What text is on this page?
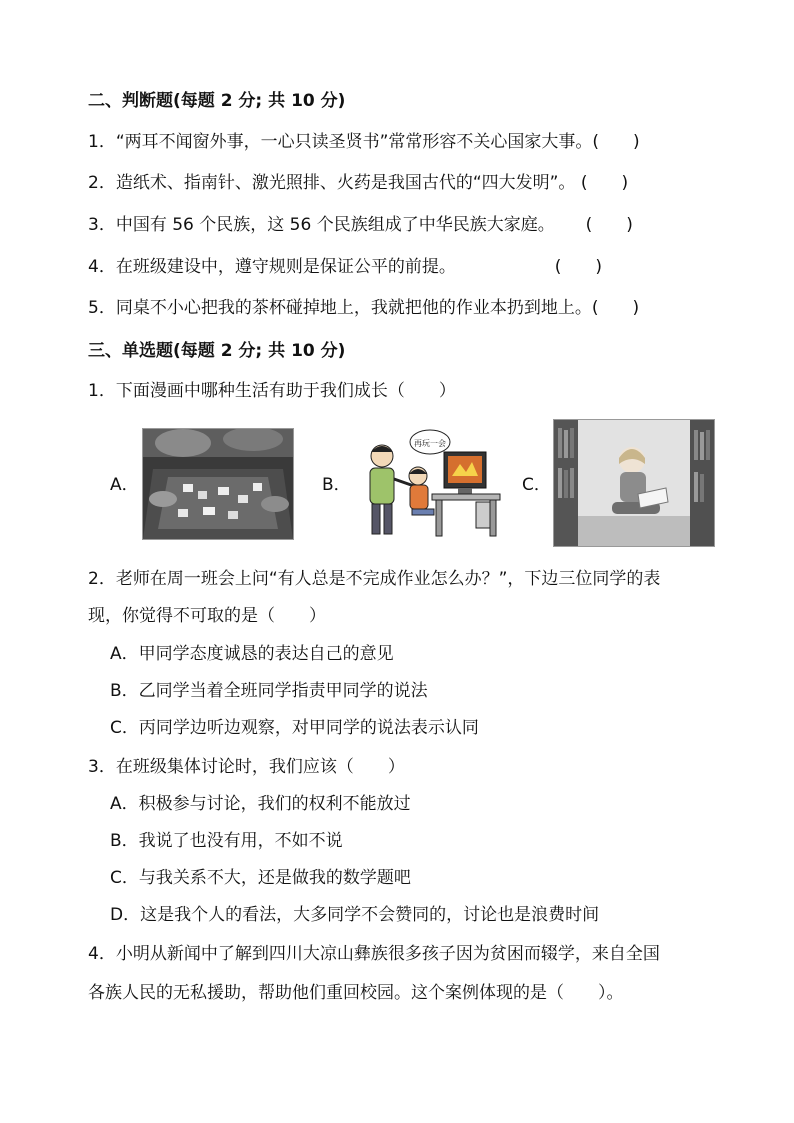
二、判断题(每题 2 分; 共 10 分)
1．“两耳不闻窗外事，一心只读圣贤书”常常形容不关心国家大事。(　　)
2．造纸术、指南针、激光照排、火药是我国古代的“四大发明”。 (　　)
3．中国有 56 个民族，这 56 个民族组成了中华民族大家庭。　　 (　　)
4．在班级建设中，遵守规则是保证公平的前提。　　　　　　 (　　)
5．同桌不小心把我的茶杯碰掉地上，我就把他的作业本扔到地上。(　　)
三、单选题(每题 2 分; 共 10 分)
1．下面漫画中哪种生活有助于我们成长（　　）
A．	B．
再玩一会
C．
2．老师在周一班会上问“有人总是不完成作业怎么办？”，下边三位同学的表
现，你觉得不可取的是（　　）
A．甲同学态度诚恳的表达自己的意见
B．乙同学当着全班同学指责甲同学的说法
C．丙同学边听边观察，对甲同学的说法表示认同
3．在班级集体讨论时，我们应该（　　）
A．积极参与讨论，我们的权利不能放过
B．我说了也没有用，不如不说
C．与我关系不大，还是做我的数学题吧
D．这是我个人的看法，大多同学不会赞同的，讨论也是浪费时间
4．小明从新闻中了解到四川大凉山彝族很多孩子因为贫困而辍学，来自全国
各族人民的无私援助，帮助他们重回校园。这个案例体现的是（　　）。
